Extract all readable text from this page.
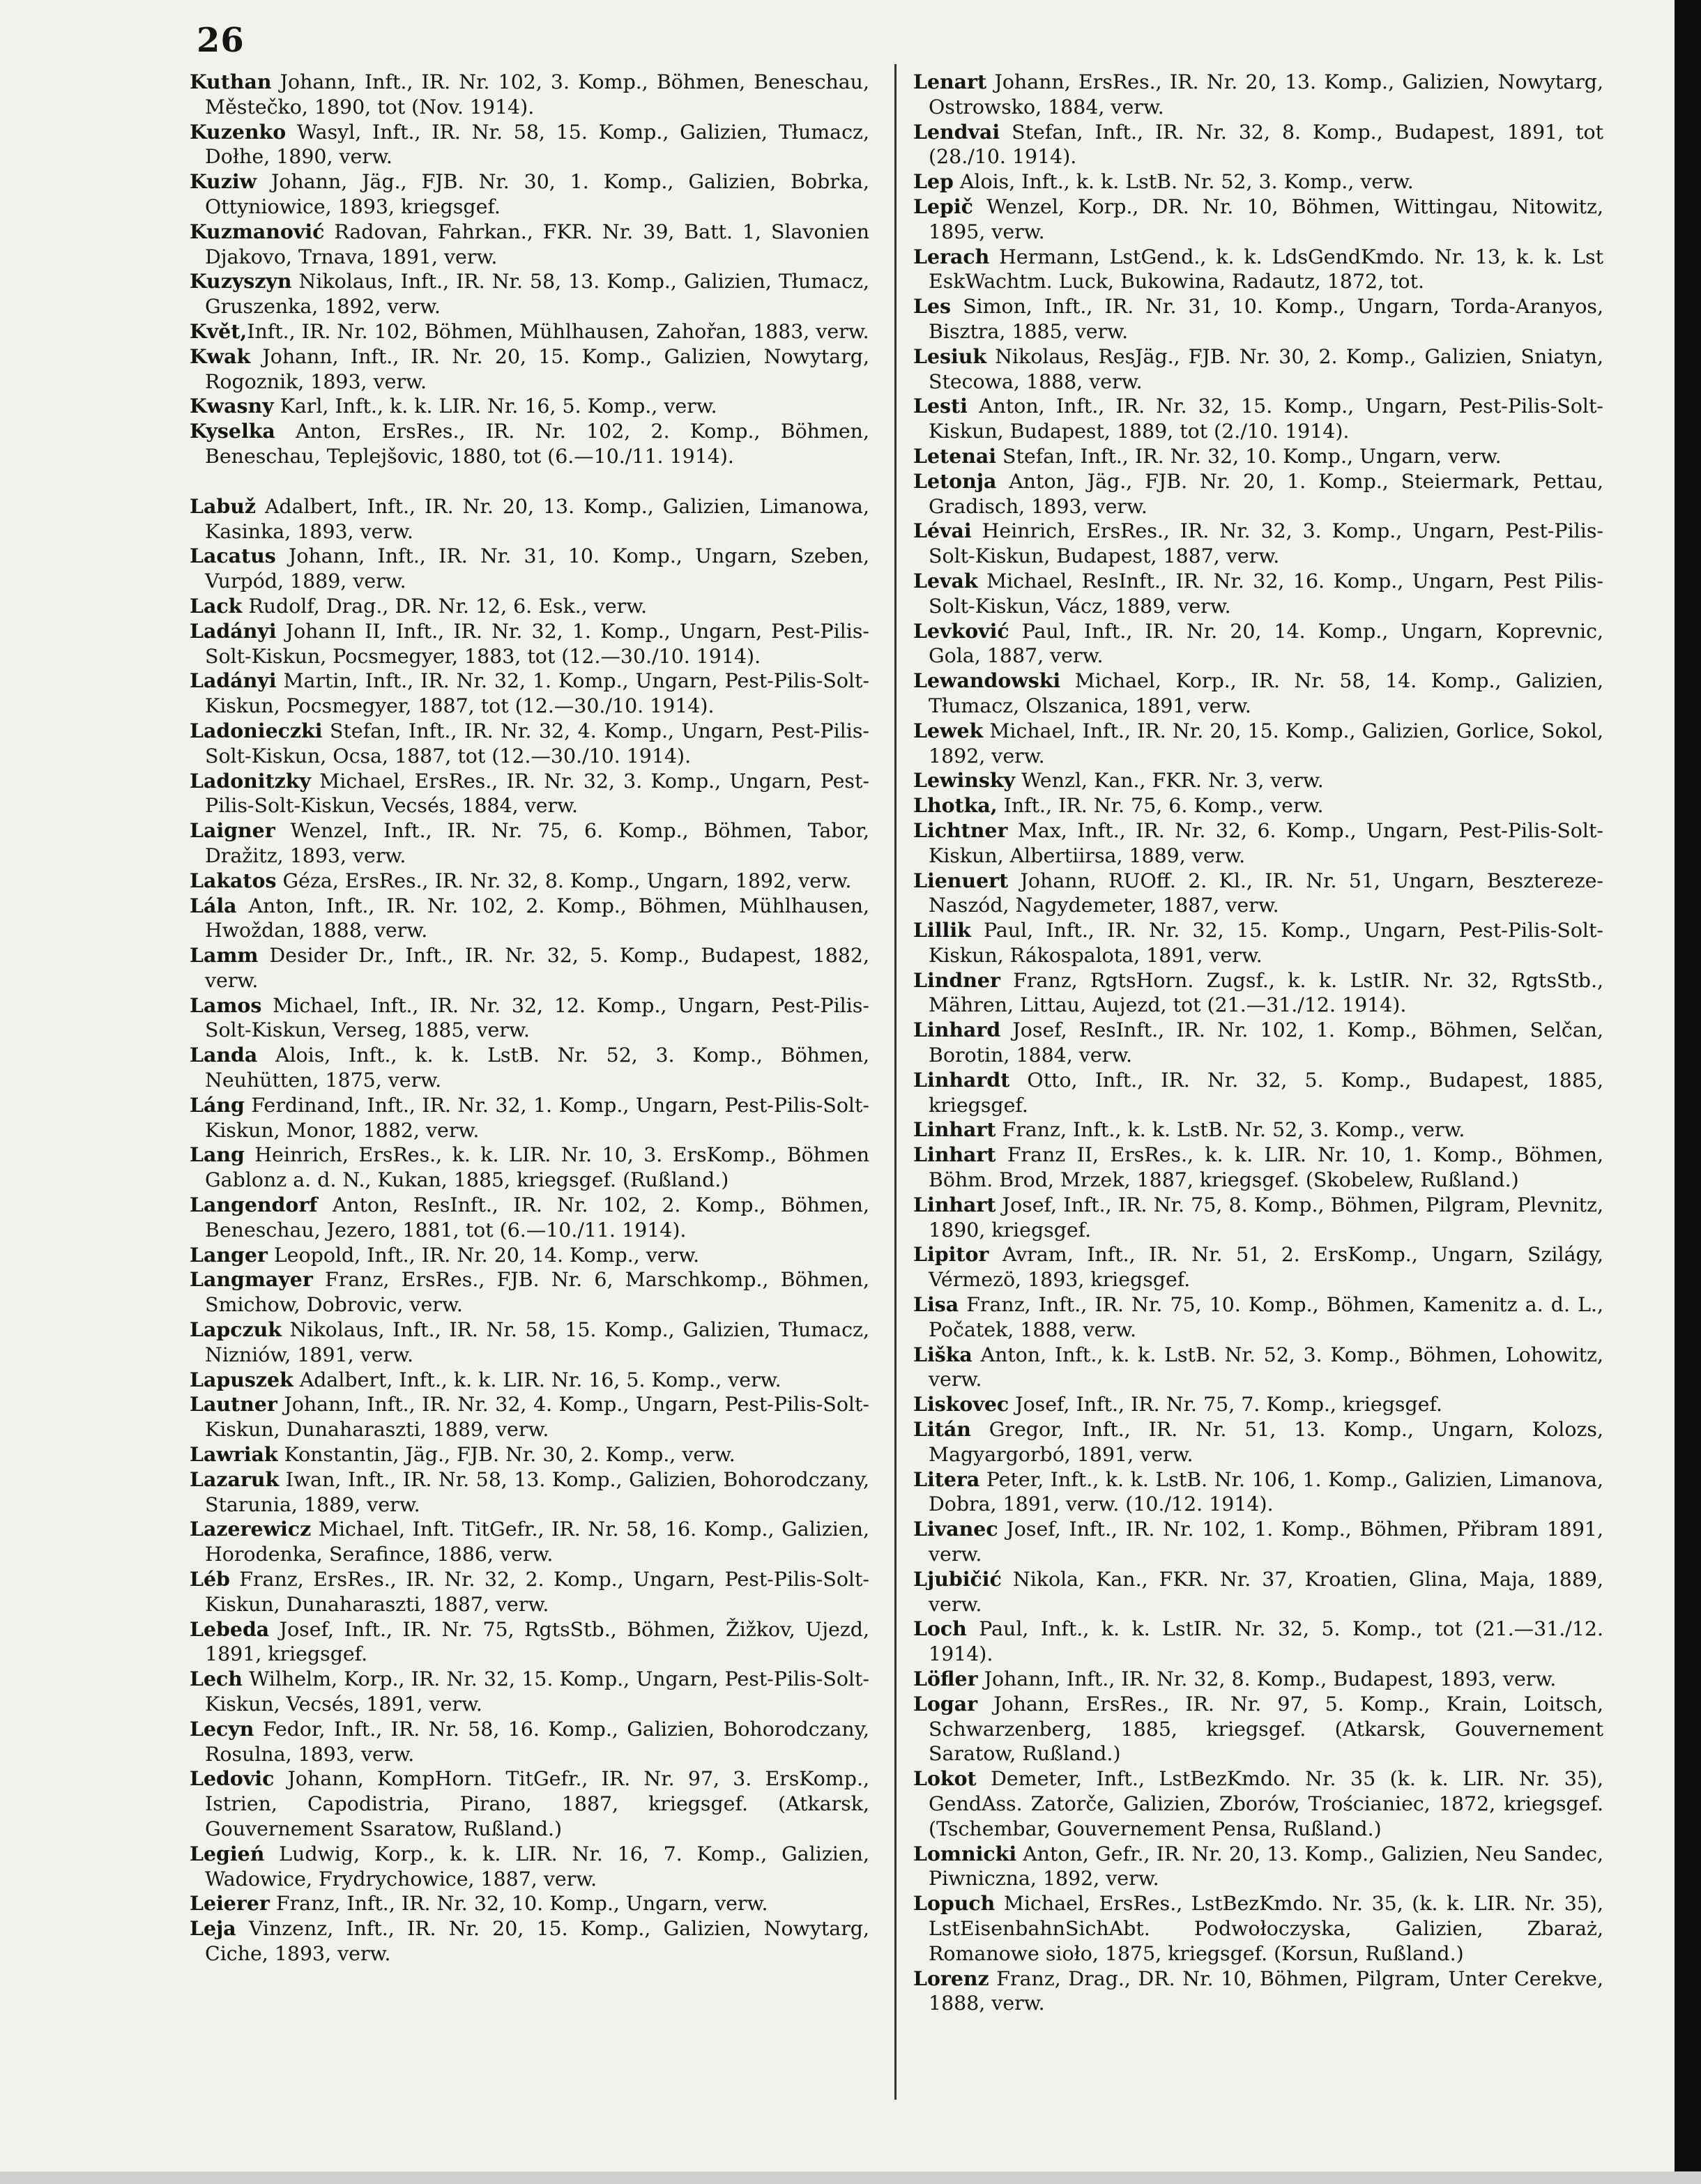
26

Kuthan Johann, Inft., IR. Nr. 102, 3. Komp., Böhmen, Beneschau, Městečko, 1890, tot (Nov. 1914).

Kuzenko Wasyl, Inft., IR. Nr. 58, 15. Komp., Galizien, Tłumacz, Dołhe, 1890, verw.

Kuziw Johann, Jäg., FJB. Nr. 30, 1. Komp., Galizien, Bobrka, Ottyniowice, 1893, kriegsgef.

Kuzmanović Radovan, Fahrkan., FKR. Nr. 39, Batt. 1, Slavonien Djakovo, Trnava, 1891, verw.

Kuzyszyn Nikolaus, Inft., IR. Nr. 58, 13. Komp., Galizien, Tłumacz, Gruszenka, 1892, verw.

Květ,Inft., IR. Nr. 102, Böhmen, Mühlhausen, Zahořan, 1883, verw.

Kwak Johann, Inft., IR. Nr. 20, 15. Komp., Galizien, Nowytarg, Rogoznik, 1893, verw.

Kwasny Karl, Inft., k. k. LIR. Nr. 16, 5. Komp., verw.

Kyselka Anton, ErsRes., IR. Nr. 102, 2. Komp., Böhmen, Beneschau, Teplejšovic, 1880, tot (6.—10./11. 1914).

Labuž Adalbert, Inft., IR. Nr. 20, 13. Komp., Galizien, Limanowa, Kasinka, 1893, verw.

Lacatus Johann, Inft., IR. Nr. 31, 10. Komp., Ungarn, Szeben, Vurpód, 1889, verw.

Lack Rudolf, Drag., DR. Nr. 12, 6. Esk., verw.

Ladányi Johann II, Inft., IR. Nr. 32, 1. Komp., Ungarn, Pest-Pilis-Solt-Kiskun, Pocsmegyer, 1883, tot (12.—30./10. 1914).

Ladányi Martin, Inft., IR. Nr. 32, 1. Komp., Ungarn, Pest-Pilis-Solt-Kiskun, Pocsmegyer, 1887, tot (12.—30./10. 1914).

Ladonieczki Stefan, Inft., IR. Nr. 32, 4. Komp., Ungarn, Pest-Pilis-Solt-Kiskun, Ocsa, 1887, tot (12.—30./10. 1914).

Ladonitzky Michael, ErsRes., IR. Nr. 32, 3. Komp., Ungarn, Pest-Pilis-Solt-Kiskun, Vecsés, 1884, verw.

Laigner Wenzel, Inft., IR. Nr. 75, 6. Komp., Böhmen, Tabor, Dražitz, 1893, verw.

Lakatos Géza, ErsRes., IR. Nr. 32, 8. Komp., Ungarn, 1892, verw.

Lála Anton, Inft., IR. Nr. 102, 2. Komp., Böhmen, Mühlhausen, Hwoždan, 1888, verw.

Lamm Desider Dr., Inft., IR. Nr. 32, 5. Komp., Budapest, 1882, verw.

Lamos Michael, Inft., IR. Nr. 32, 12. Komp., Ungarn, Pest-Pilis-Solt-Kiskun, Verseg, 1885, verw.

Landa Alois, Inft., k. k. LstB. Nr. 52, 3. Komp., Böhmen, Neuhütten, 1875, verw.

Láng Ferdinand, Inft., IR. Nr. 32, 1. Komp., Ungarn, Pest-Pilis-Solt-Kiskun, Monor, 1882, verw.

Lang Heinrich, ErsRes., k. k. LIR. Nr. 10, 3. ErsKomp., Böhmen Gablonz a. d. N., Kukan, 1885, kriegsgef. (Rußland.)

Langendorf Anton, ResInft., IR. Nr. 102, 2. Komp., Böhmen, Beneschau, Jezero, 1881, tot (6.—10./11. 1914).

Langer Leopold, Inft., IR. Nr. 20, 14. Komp., verw.

Langmayer Franz, ErsRes., FJB. Nr. 6, Marschkomp., Böhmen, Smichow, Dobrovic, verw.

Lapczuk Nikolaus, Inft., IR. Nr. 58, 15. Komp., Galizien, Tłumacz, Nizniów, 1891, verw.

Lapuszek Adalbert, Inft., k. k. LIR. Nr. 16, 5. Komp., verw.

Lautner Johann, Inft., IR. Nr. 32, 4. Komp., Ungarn, Pest-Pilis-Solt-Kiskun, Dunaharaszti, 1889, verw.

Lawriak Konstantin, Jäg., FJB. Nr. 30, 2. Komp., verw.

Lazaruk Iwan, Inft., IR. Nr. 58, 13. Komp., Galizien, Bohorodczany, Starunia, 1889, verw.

Lazerewicz Michael, Inft. TitGefr., IR. Nr. 58, 16. Komp., Galizien, Horodenka, Serafince, 1886, verw.

Léb Franz, ErsRes., IR. Nr. 32, 2. Komp., Ungarn, Pest-Pilis-Solt-Kiskun, Dunaharaszti, 1887, verw.

Lebeda Josef, Inft., IR. Nr. 75, RgtsStb., Böhmen, Žižkov, Ujezd, 1891, kriegsgef.

Lech Wilhelm, Korp., IR. Nr. 32, 15. Komp., Ungarn, Pest-Pilis-Solt-Kiskun, Vecsés, 1891, verw.

Lecyn Fedor, Inft., IR. Nr. 58, 16. Komp., Galizien, Bohorodczany, Rosulna, 1893, verw.

Ledovic Johann, KompHorn. TitGefr., IR. Nr. 97, 3. ErsKomp., Istrien, Capodistria, Pirano, 1887, kriegsgef. (Atkarsk, Gouvernement Ssaratow, Rußland.)

Legień Ludwig, Korp., k. k. LIR. Nr. 16, 7. Komp., Galizien, Wadowice, Frydrychowice, 1887, verw.

Leierer Franz, Inft., IR. Nr. 32, 10. Komp., Ungarn, verw.

Leja Vinzenz, Inft., IR. Nr. 20, 15. Komp., Galizien, Nowytarg, Ciche, 1893, verw.

Lenart Johann, ErsRes., IR. Nr. 20, 13. Komp., Galizien, Nowytarg, Ostrowsko, 1884, verw.

Lendvai Stefan, Inft., IR. Nr. 32, 8. Komp., Budapest, 1891, tot (28./10. 1914).

Lep Alois, Inft., k. k. LstB. Nr. 52, 3. Komp., verw.

Lepič Wenzel, Korp., DR. Nr. 10, Böhmen, Wittingau, Nitowitz, 1895, verw.

Lerach Hermann, LstGend., k. k. LdsGendKmdo. Nr. 13, k. k. Lst EskWachtm. Luck, Bukowina, Radautz, 1872, tot.

Les Simon, Inft., IR. Nr. 31, 10. Komp., Ungarn, Torda-Aranyos, Bisztra, 1885, verw.

Lesiuk Nikolaus, ResJäg., FJB. Nr. 30, 2. Komp., Galizien, Sniatyn, Stecowa, 1888, verw.

Lesti Anton, Inft., IR. Nr. 32, 15. Komp., Ungarn, Pest-Pilis-Solt-Kiskun, Budapest, 1889, tot (2./10. 1914).

Letenai Stefan, Inft., IR. Nr. 32, 10. Komp., Ungarn, verw.

Letonja Anton, Jäg., FJB. Nr. 20, 1. Komp., Steiermark, Pettau, Gradisch, 1893, verw.

Lévai Heinrich, ErsRes., IR. Nr. 32, 3. Komp., Ungarn, Pest-Pilis-Solt-Kiskun, Budapest, 1887, verw.

Levak Michael, ResInft., IR. Nr. 32, 16. Komp., Ungarn, Pest Pilis-Solt-Kiskun, Vácz, 1889, verw.

Levković Paul, Inft., IR. Nr. 20, 14. Komp., Ungarn, Koprevnic, Gola, 1887, verw.

Lewandowski Michael, Korp., IR. Nr. 58, 14. Komp., Galizien, Tłumacz, Olszanica, 1891, verw.

Lewek Michael, Inft., IR. Nr. 20, 15. Komp., Galizien, Gorlice, Sokol, 1892, verw.

Lewinsky Wenzl, Kan., FKR. Nr. 3, verw.

Lhotka, Inft., IR. Nr. 75, 6. Komp., verw.

Lichtner Max, Inft., IR. Nr. 32, 6. Komp., Ungarn, Pest-Pilis-Solt-Kiskun, Albertiirsa, 1889, verw.

Lienuert Johann, RUOff. 2. Kl., IR. Nr. 51, Ungarn, Besztereze-Naszód, Nagydemeter, 1887, verw.

Lillik Paul, Inft., IR. Nr. 32, 15. Komp., Ungarn, Pest-Pilis-Solt-Kiskun, Rákospalota, 1891, verw.

Lindner Franz, RgtsHorn. Zugsf., k. k. LstIR. Nr. 32, RgtsStb., Mähren, Littau, Aujezd, tot (21.—31./12. 1914).

Linhard Josef, ResInft., IR. Nr. 102, 1. Komp., Böhmen, Selčan, Borotin, 1884, verw.

Linhardt Otto, Inft., IR. Nr. 32, 5. Komp., Budapest, 1885, kriegsgef.

Linhart Franz, Inft., k. k. LstB. Nr. 52, 3. Komp., verw.

Linhart Franz II, ErsRes., k. k. LIR. Nr. 10, 1. Komp., Böhmen, Böhm. Brod, Mrzek, 1887, kriegsgef. (Skobelew, Rußland.)

Linhart Josef, Inft., IR. Nr. 75, 8. Komp., Böhmen, Pilgram, Plevnitz, 1890, kriegsgef.

Lipitor Avram, Inft., IR. Nr. 51, 2. ErsKomp., Ungarn, Szilágy, Vérmezö, 1893, kriegsgef.

Lisa Franz, Inft., IR. Nr. 75, 10. Komp., Böhmen, Kamenitz a. d. L., Počatek, 1888, verw.

Liška Anton, Inft., k. k. LstB. Nr. 52, 3. Komp., Böhmen, Lohowitz, verw.

Liskovec Josef, Inft., IR. Nr. 75, 7. Komp., kriegsgef.

Litán Gregor, Inft., IR. Nr. 51, 13. Komp., Ungarn, Kolozs, Magyargorbó, 1891, verw.

Litera Peter, Inft., k. k. LstB. Nr. 106, 1. Komp., Galizien, Limanova, Dobra, 1891, verw. (10./12. 1914).

Livanec Josef, Inft., IR. Nr. 102, 1. Komp., Böhmen, Přibram 1891, verw.

Ljubičić Nikola, Kan., FKR. Nr. 37, Kroatien, Glina, Maja, 1889, verw.

Loch Paul, Inft., k. k. LstIR. Nr. 32, 5. Komp., tot (21.—31./12. 1914).

Löfler Johann, Inft., IR. Nr. 32, 8. Komp., Budapest, 1893, verw.

Logar Johann, ErsRes., IR. Nr. 97, 5. Komp., Krain, Loitsch, Schwarzenberg, 1885, kriegsgef. (Atkarsk, Gouvernement Saratow, Rußland.)

Lokot Demeter, Inft., LstBezKmdo. Nr. 35 (k. k. LIR. Nr. 35), GendAss. Zatorče, Galizien, Zborów, Trościaniec, 1872, kriegsgef. (Tschembar, Gouvernement Pensa, Rußland.)

Lomnicki Anton, Gefr., IR. Nr. 20, 13. Komp., Galizien, Neu Sandec, Piwniczna, 1892, verw.

Lopuch Michael, ErsRes., LstBezKmdo. Nr. 35, (k. k. LIR. Nr. 35), LstEisenbahnSichAbt. Podwołoczyska, Galizien, Zbaraż, Romanowe sioło, 1875, kriegsgef. (Korsun, Rußland.)

Lorenz Franz, Drag., DR. Nr. 10, Böhmen, Pilgram, Unter Cerekve, 1888, verw.
